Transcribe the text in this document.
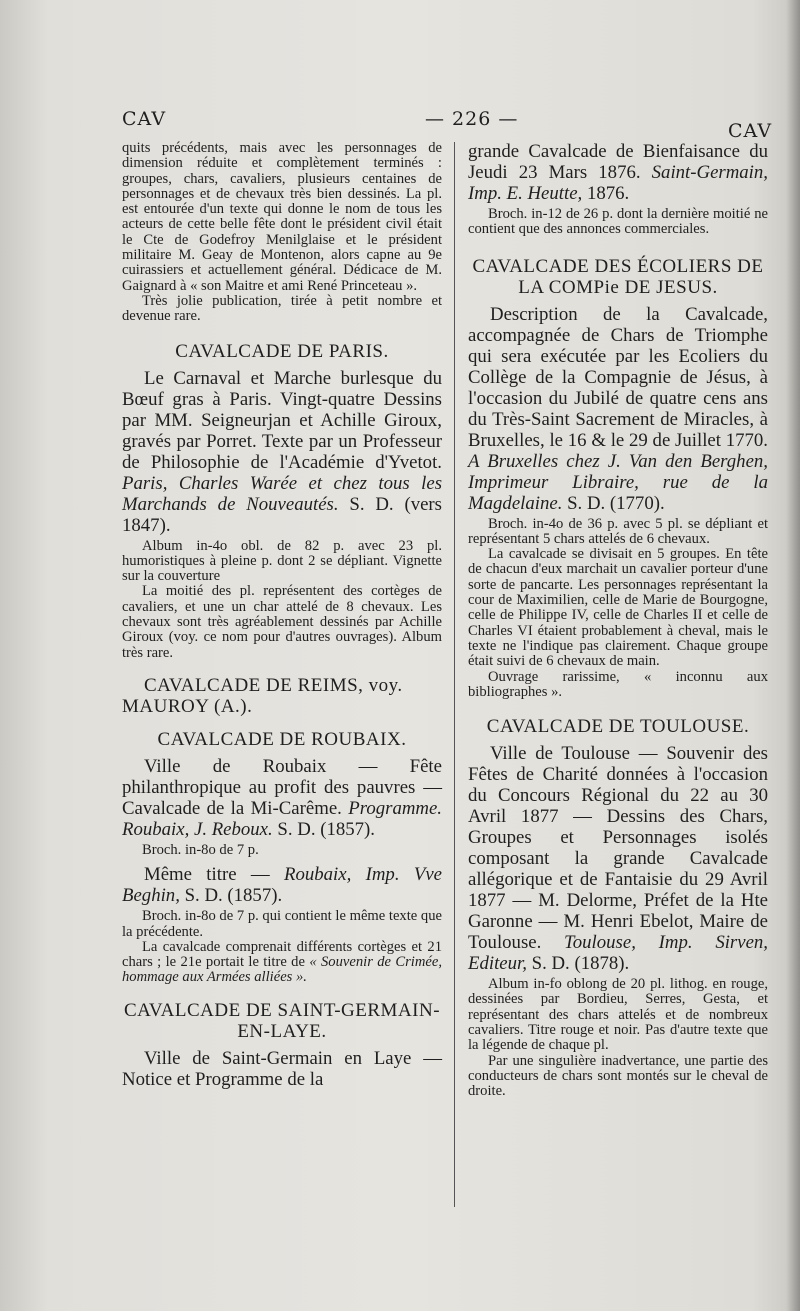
CAV	— 226 —
CAV

quits précédents, mais avec les personnages de dimension réduite et complètement terminés : groupes, chars, cavaliers, plusieurs centaines de personnages et de chevaux très bien dessinés. La pl. est entourée d'un texte qui donne le nom de tous les acteurs de cette belle fête dont le président civil était le Cte de Godefroy Menilglaise et le président militaire M. Geay de Montenon, alors capne au 9e cuirassiers et actuellement général. Dédicace de M. Gaignard à « son Maitre et ami René Princeteau ».

Très jolie publication, tirée à petit nombre et devenue rare.

CAVALCADE DE PARIS.

Le Carnaval et Marche burlesque du Bœuf gras à Paris. Vingt-quatre Dessins par MM. Seigneurjan et Achille Giroux, gravés par Porret. Texte par un Professeur de Philosophie de l'Académie d'Yvetot. Paris, Charles Warée et chez tous les Marchands de Nouveautés. S. D. (vers 1847).

Album in-4o obl. de 82 p. avec 23 pl. humoristiques à pleine p. dont 2 se dépliant. Vignette sur la couverture

La moitié des pl. représentent des cortèges de cavaliers, et une un char attelé de 8 chevaux. Les chevaux sont très agréablement dessinés par Achille Giroux (voy. ce nom pour d'autres ouvrages). Album très rare.

CAVALCADE DE REIMS, voy. MAUROY (A.).

CAVALCADE DE ROUBAIX.

Ville de Roubaix — Fête philanthropique au profit des pauvres — Cavalcade de la Mi-Carême. Programme. Roubaix, J. Reboux. S. D. (1857).

Broch. in-8o de 7 p.

Même titre — Roubaix, Imp. Vve Beghin, S. D. (1857).

Broch. in-8o de 7 p. qui contient le même texte que la précédente.

La cavalcade comprenait différents cortèges et 21 chars ; le 21e portait le titre de « Souvenir de Crimée, hommage aux Armées alliées ».

CAVALCADE DE SAINT-GERMAIN-EN-LAYE.

Ville de Saint-Germain en Laye — Notice et Programme de la

grande Cavalcade de Bienfaisance du Jeudi 23 Mars 1876. Saint-Germain, Imp. E. Heutte, 1876.

Broch. in-12 de 26 p. dont la dernière moitié ne contient que des annonces commerciales.

CAVALCADE DES ÉCOLIERS DE LA COMPie DE JESUS.

Description de la Cavalcade, accompagnée de Chars de Triomphe qui sera exécutée par les Ecoliers du Collège de la Compagnie de Jésus, à l'occasion du Jubilé de quatre cens ans du Très-Saint Sacrement de Miracles, à Bruxelles, le 16 & le 29 de Juillet 1770. A Bruxelles chez J. Van den Berghen, Imprimeur Libraire, rue de la Magdelaine. S. D. (1770).

Broch. in-4o de 36 p. avec 5 pl. se dépliant et représentant 5 chars attelés de 6 chevaux.

La cavalcade se divisait en 5 groupes. En tête de chacun d'eux marchait un cavalier porteur d'une sorte de pancarte. Les personnages représentant la cour de Maximilien, celle de Marie de Bourgogne, celle de Philippe IV, celle de Charles II et celle de Charles VI étaient probablement à cheval, mais le texte ne l'indique pas clairement. Chaque groupe était suivi de 6 chevaux de main.

Ouvrage rarissime, « inconnu aux bibliographes ».

CAVALCADE DE TOULOUSE.

Ville de Toulouse — Souvenir des Fêtes de Charité données à l'occasion du Concours Régional du 22 au 30 Avril 1877 — Dessins des Chars, Groupes et Personnages isolés composant la grande Cavalcade allégorique et de Fantaisie du 29 Avril 1877 — M. Delorme, Préfet de la Hte Garonne — M. Henri Ebelot, Maire de Toulouse. Toulouse, Imp. Sirven, Editeur, S. D. (1878).

Album in-fo oblong de 20 pl. lithog. en rouge, dessinées par Bordieu, Serres, Gesta, et représentant des chars attelés et de nombreux cavaliers. Titre rouge et noir. Pas d'autre texte que la légende de chaque pl.

Par une singulière inadvertance, une partie des conducteurs de chars sont montés sur le cheval de droite.
